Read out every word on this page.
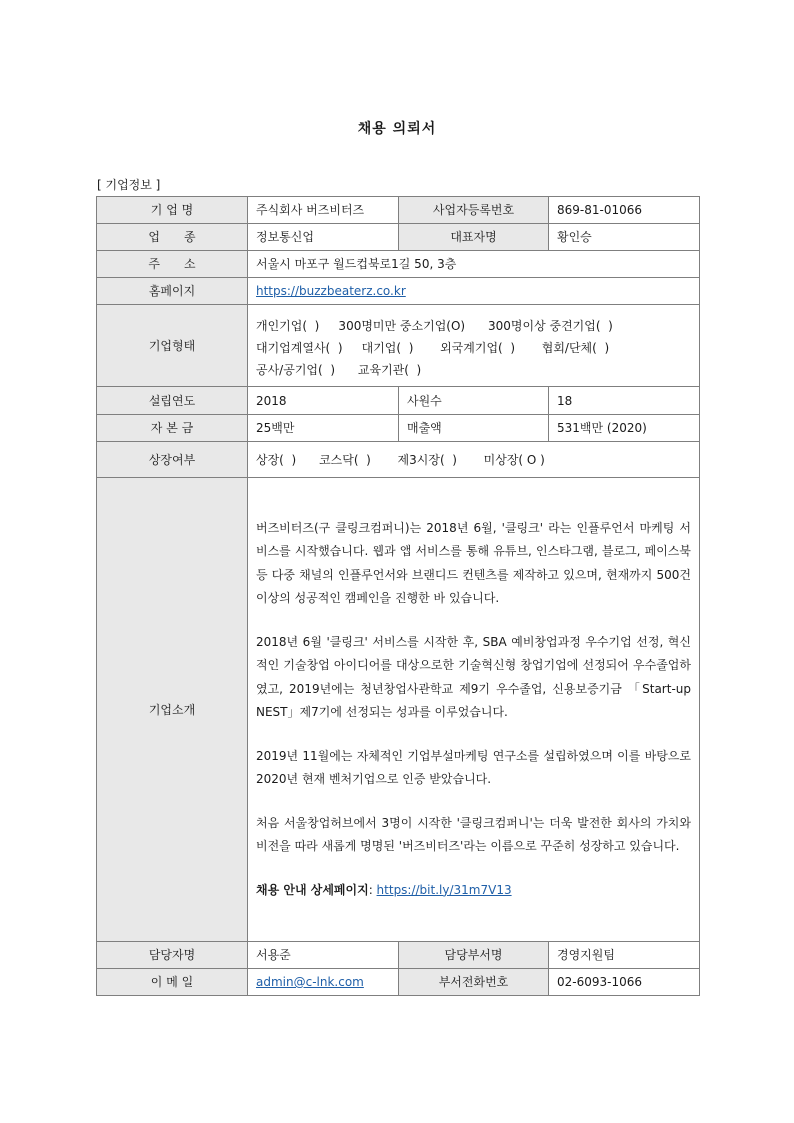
채용 의뢰서
[ 기업정보 ]
기 업 명	주식회사 버즈비터즈	사업자등록번호	869-81-01066
업　　종	정보통신업	대표자명	황인승
주　　소	서울시 마포구 월드컵북로1길 50, 3층		
홈페이지	https://buzzbeaterz.co.kr		
기업형태	개인기업(  )     300명미만 중소기업(O)      300명이상 중견기업(  )
대기업계열사(  )     대기업(  )       외국계기업(  )       협회/단체(  )
공사/공기업(  )      교육기관(  )		

설립연도	2018	사원수	18
자 본 금	25백만	매출액	531백만 (2020)
상장여부	상장(  )      코스닥(  )       제3시장(  )       미상장( O )		
기업소개	버즈비터즈(구 클링크컴퍼니)는 2018년 6월, '클링크' 라는 인플루언서 마케팅 서비스를 시작했습니다. 웹과 앱 서비스를 통해 유튜브, 인스타그램, 블로그, 페이스북 등 다중 채널의 인플루언서와 브랜디드 컨텐츠를 제작하고 있으며, 현재까지 500건 이상의 성공적인 캠페인을 진행한 바 있습니다.

2018년 6월 '클링크' 서비스를 시작한 후, SBA 예비창업과정 우수기업 선정, 혁신적인 기술창업 아이디어를 대상으로한 기술혁신형 창업기업에 선정되어 우수졸업하였고, 2019년에는 청년창업사관학교 제9기 우수졸업, 신용보증기금 「Start-up NEST」제7기에 선정되는 성과를 이루었습니다.

2019년 11월에는 자체적인 기업부설마케팅 연구소를 설립하였으며 이를 바탕으로 2020년 현재 벤처기업으로 인증 받았습니다.

처음 서울창업허브에서 3명이 시작한 '클링크컴퍼니'는 더욱 발전한 회사의 가치와 비전을 따라 새롭게 명명된 '버즈비터즈'라는 이름으로 꾸준히 성장하고 있습니다.

채용 안내 상세페이지: https://bit.ly/31m7V13		

담당자명	서용준	담당부서명	경영지원팀
이 메 일	admin@c-lnk.com	부서전화번호	02-6093-1066
